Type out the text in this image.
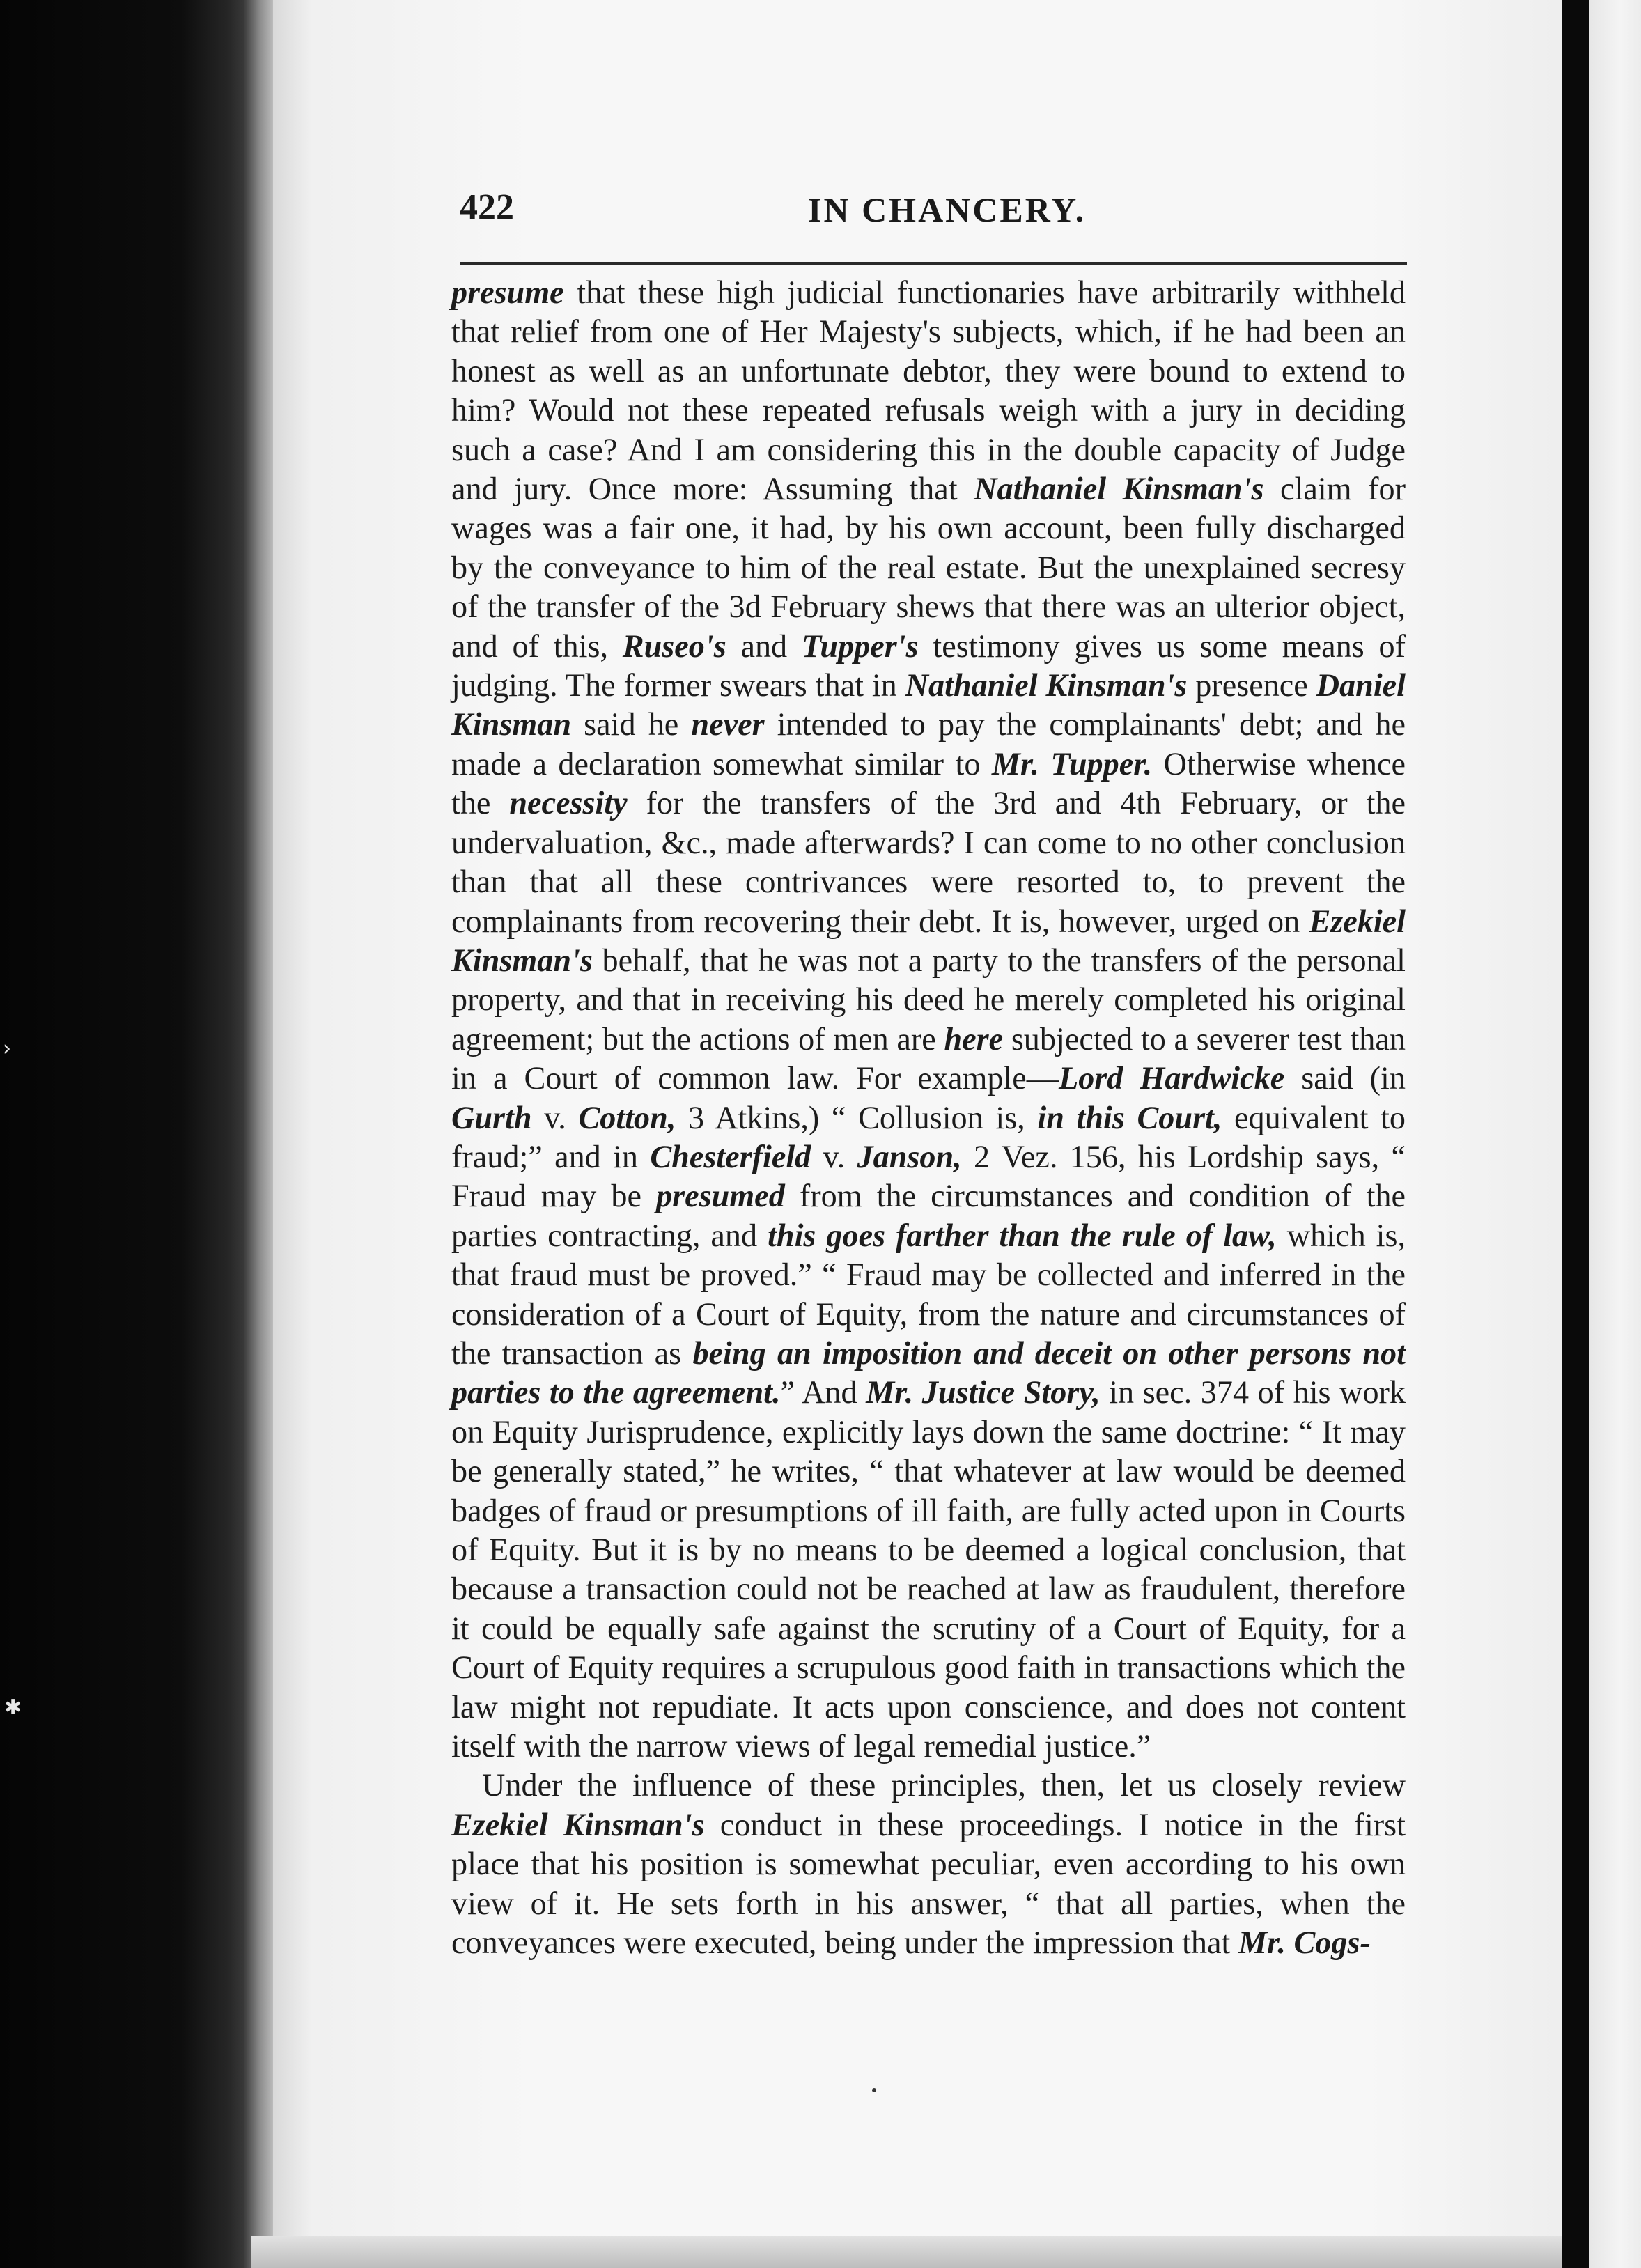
›
✱
422	IN CHANCERY.

presume that these high judicial functionaries have arbitrarily withheld that relief from one of Her Majesty's subjects, which, if he had been an honest as well as an unfortunate debtor, they were bound to extend to him? Would not these repeated refusals weigh with a jury in deciding such a case? And I am considering this in the double capacity of Judge and jury. Once more: Assuming that Nathaniel Kinsman's claim for wages was a fair one, it had, by his own account, been fully discharged by the conveyance to him of the real estate. But the unexplained secresy of the transfer of the 3d February shews that there was an ulterior object, and of this, Ruseo's and Tupper's testimony gives us some means of judging. The former swears that in Nathaniel Kinsman's presence Daniel Kinsman said he never intended to pay the complainants' debt; and he made a declaration somewhat similar to Mr. Tupper. Otherwise whence the necessity for the transfers of the 3rd and 4th February, or the undervaluation, &c., made afterwards? I can come to no other conclusion than that all these contrivances were resorted to, to prevent the complainants from recovering their debt. It is, however, urged on Ezekiel Kinsman's behalf, that he was not a party to the transfers of the personal property, and that in receiving his deed he merely completed his original agreement; but the actions of men are here subjected to a severer test than in a Court of common law. For example—Lord Hardwicke said (in Gurth v. Cotton, 3 Atkins,) “ Collusion is, in this Court, equivalent to fraud;” and in Chesterfield v. Janson, 2 Vez. 156, his Lordship says, “ Fraud may be presumed from the circumstances and condition of the parties contracting, and this goes farther than the rule of law, which is, that fraud must be proved.” “ Fraud may be collected and inferred in the consideration of a Court of Equity, from the nature and circumstances of the transaction as being an imposition and deceit on other persons not parties to the agreement.” And Mr. Justice Story, in sec. 374 of his work on Equity Jurisprudence, explicitly lays down the same doctrine: “ It may be generally stated,” he writes, “ that whatever at law would be deemed badges of fraud or presumptions of ill faith, are fully acted upon in Courts of Equity. But it is by no means to be deemed a logical conclusion, that because a transaction could not be reached at law as fraudulent, therefore it could be equally safe against the scrutiny of a Court of Equity, for a Court of Equity requires a scrupulous good faith in transactions which the law might not repudiate. It acts upon conscience, and does not content itself with the narrow views of legal remedial justice.”

Under the influence of these principles, then, let us closely review Ezekiel Kinsman's conduct in these proceedings. I notice in the first place that his position is somewhat peculiar, even according to his own view of it. He sets forth in his answer, “ that all parties, when the conveyances were executed, being under the impression that Mr. Cogs-
